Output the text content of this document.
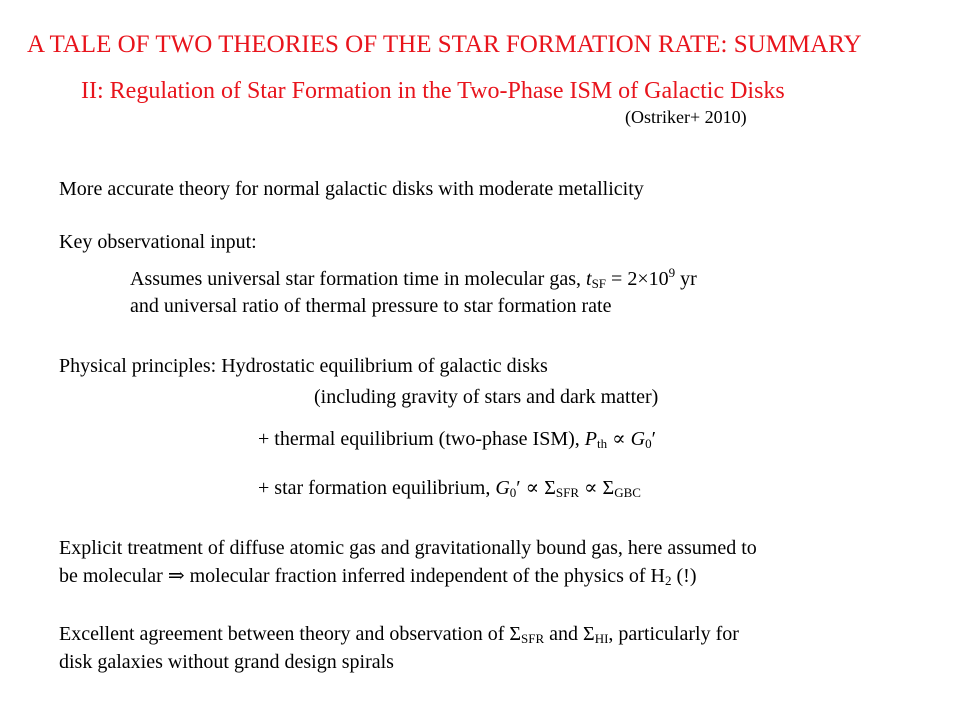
A TALE OF TWO THEORIES OF THE STAR FORMATION RATE: SUMMARY
II: Regulation of Star Formation in the Two-Phase ISM of Galactic Disks
(Ostriker+ 2010)
More accurate theory for normal galactic disks with moderate metallicity
Key observational input:
Assumes universal star formation time in molecular gas, $t_{SF} = 2\times 10^9$ yr
and universal ratio of thermal pressure to star formation rate
Physical principles: Hydrostatic equilibrium of galactic disks
(including gravity of stars and dark matter)
+ thermal equilibrium (two-phase ISM), $P_{th} \propto G_0'$
+ star formation equilibrium, $G_0' \propto \Sigma_{SFR} \propto \Sigma_{GBC}$
Explicit treatment of diffuse atomic gas and gravitationally bound gas, here assumed to
be molecular ⇒ molecular fraction inferred independent of the physics of $H_2$ (!)
Excellent agreement between theory and observation of $\Sigma_{SFR}$ and $\Sigma_{HI}$, particularly for
disk galaxies without grand design spirals
